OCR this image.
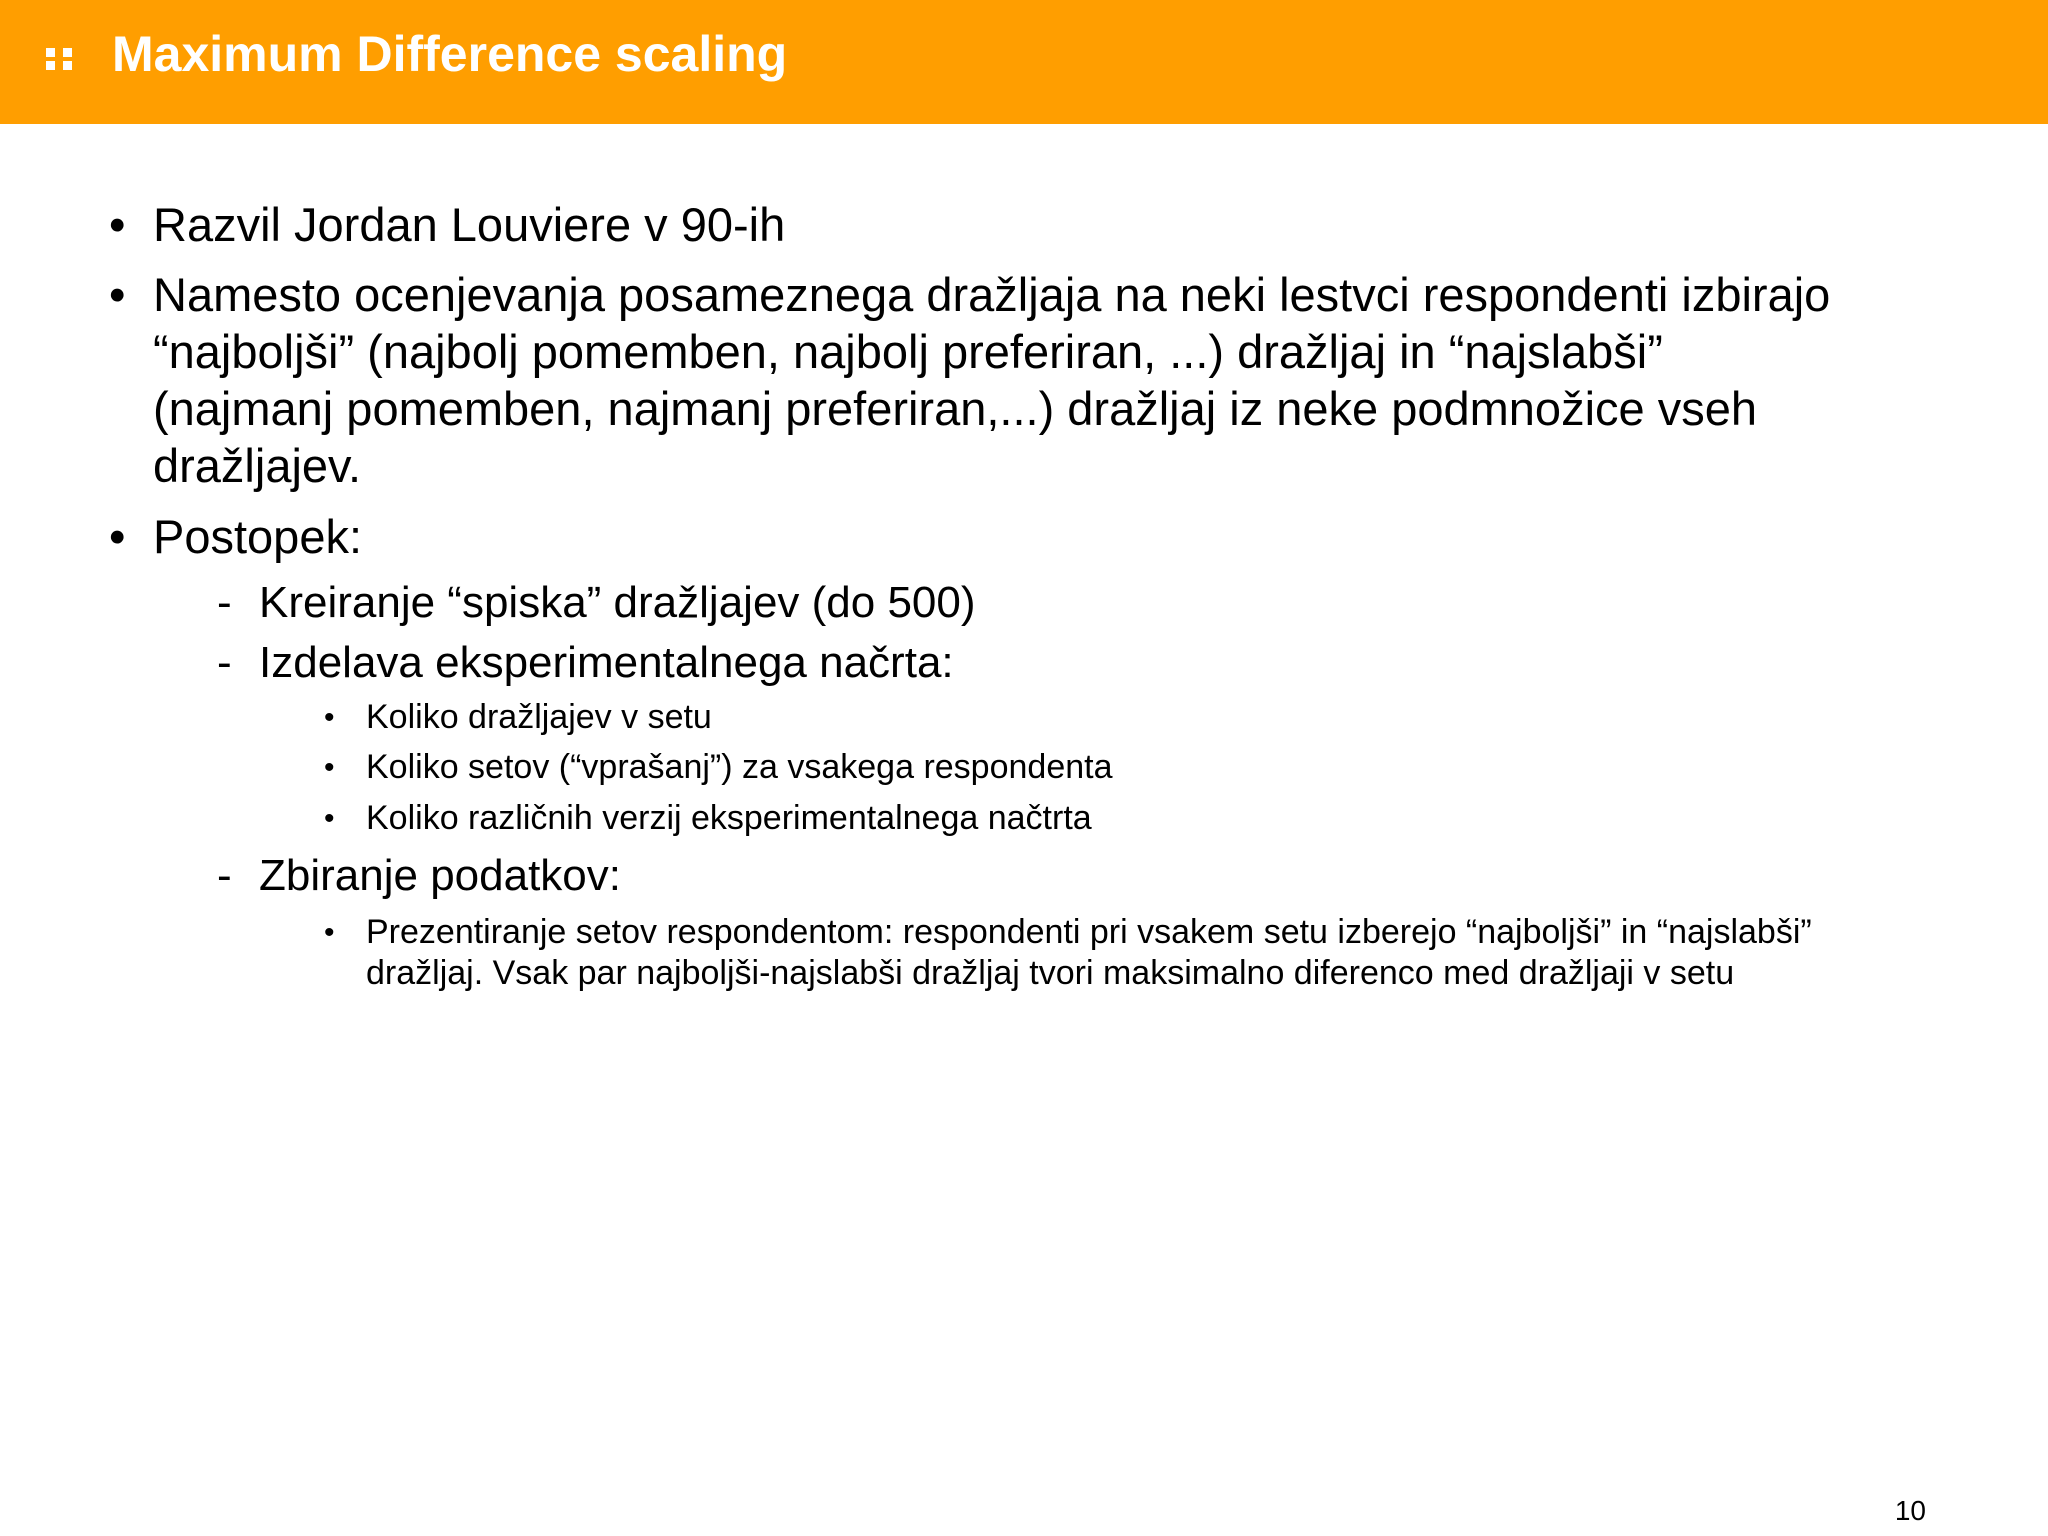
Maximum Difference scaling
• Razvil Jordan Louviere v 90-ih
• Namesto ocenjevanja posameznega dražljaja na neki lestvci respondenti izbirajo
“najboljši” (najbolj pomemben, najbolj preferiran, ...) dražljaj in “najslabši”
(najmanj pomemben, najmanj preferiran,...) dražljaj iz neke podmnožice vseh
dražljajev.
• Postopek:
- Kreiranje “spiska” dražljajev (do 500)
- Izdelava eksperimentalnega načrta:
• Koliko dražljajev v setu
• Koliko setov (“vprašanj”) za vsakega respondenta
• Koliko različnih verzij eksperimentalnega načtrta
- Zbiranje podatkov:
• Prezentiranje setov respondentom: respondenti pri vsakem setu izberejo “najboljši” in “najslabši”
dražljaj. Vsak par najboljši-najslabši dražljaj tvori maksimalno diferenco med dražljaji v setu
10
